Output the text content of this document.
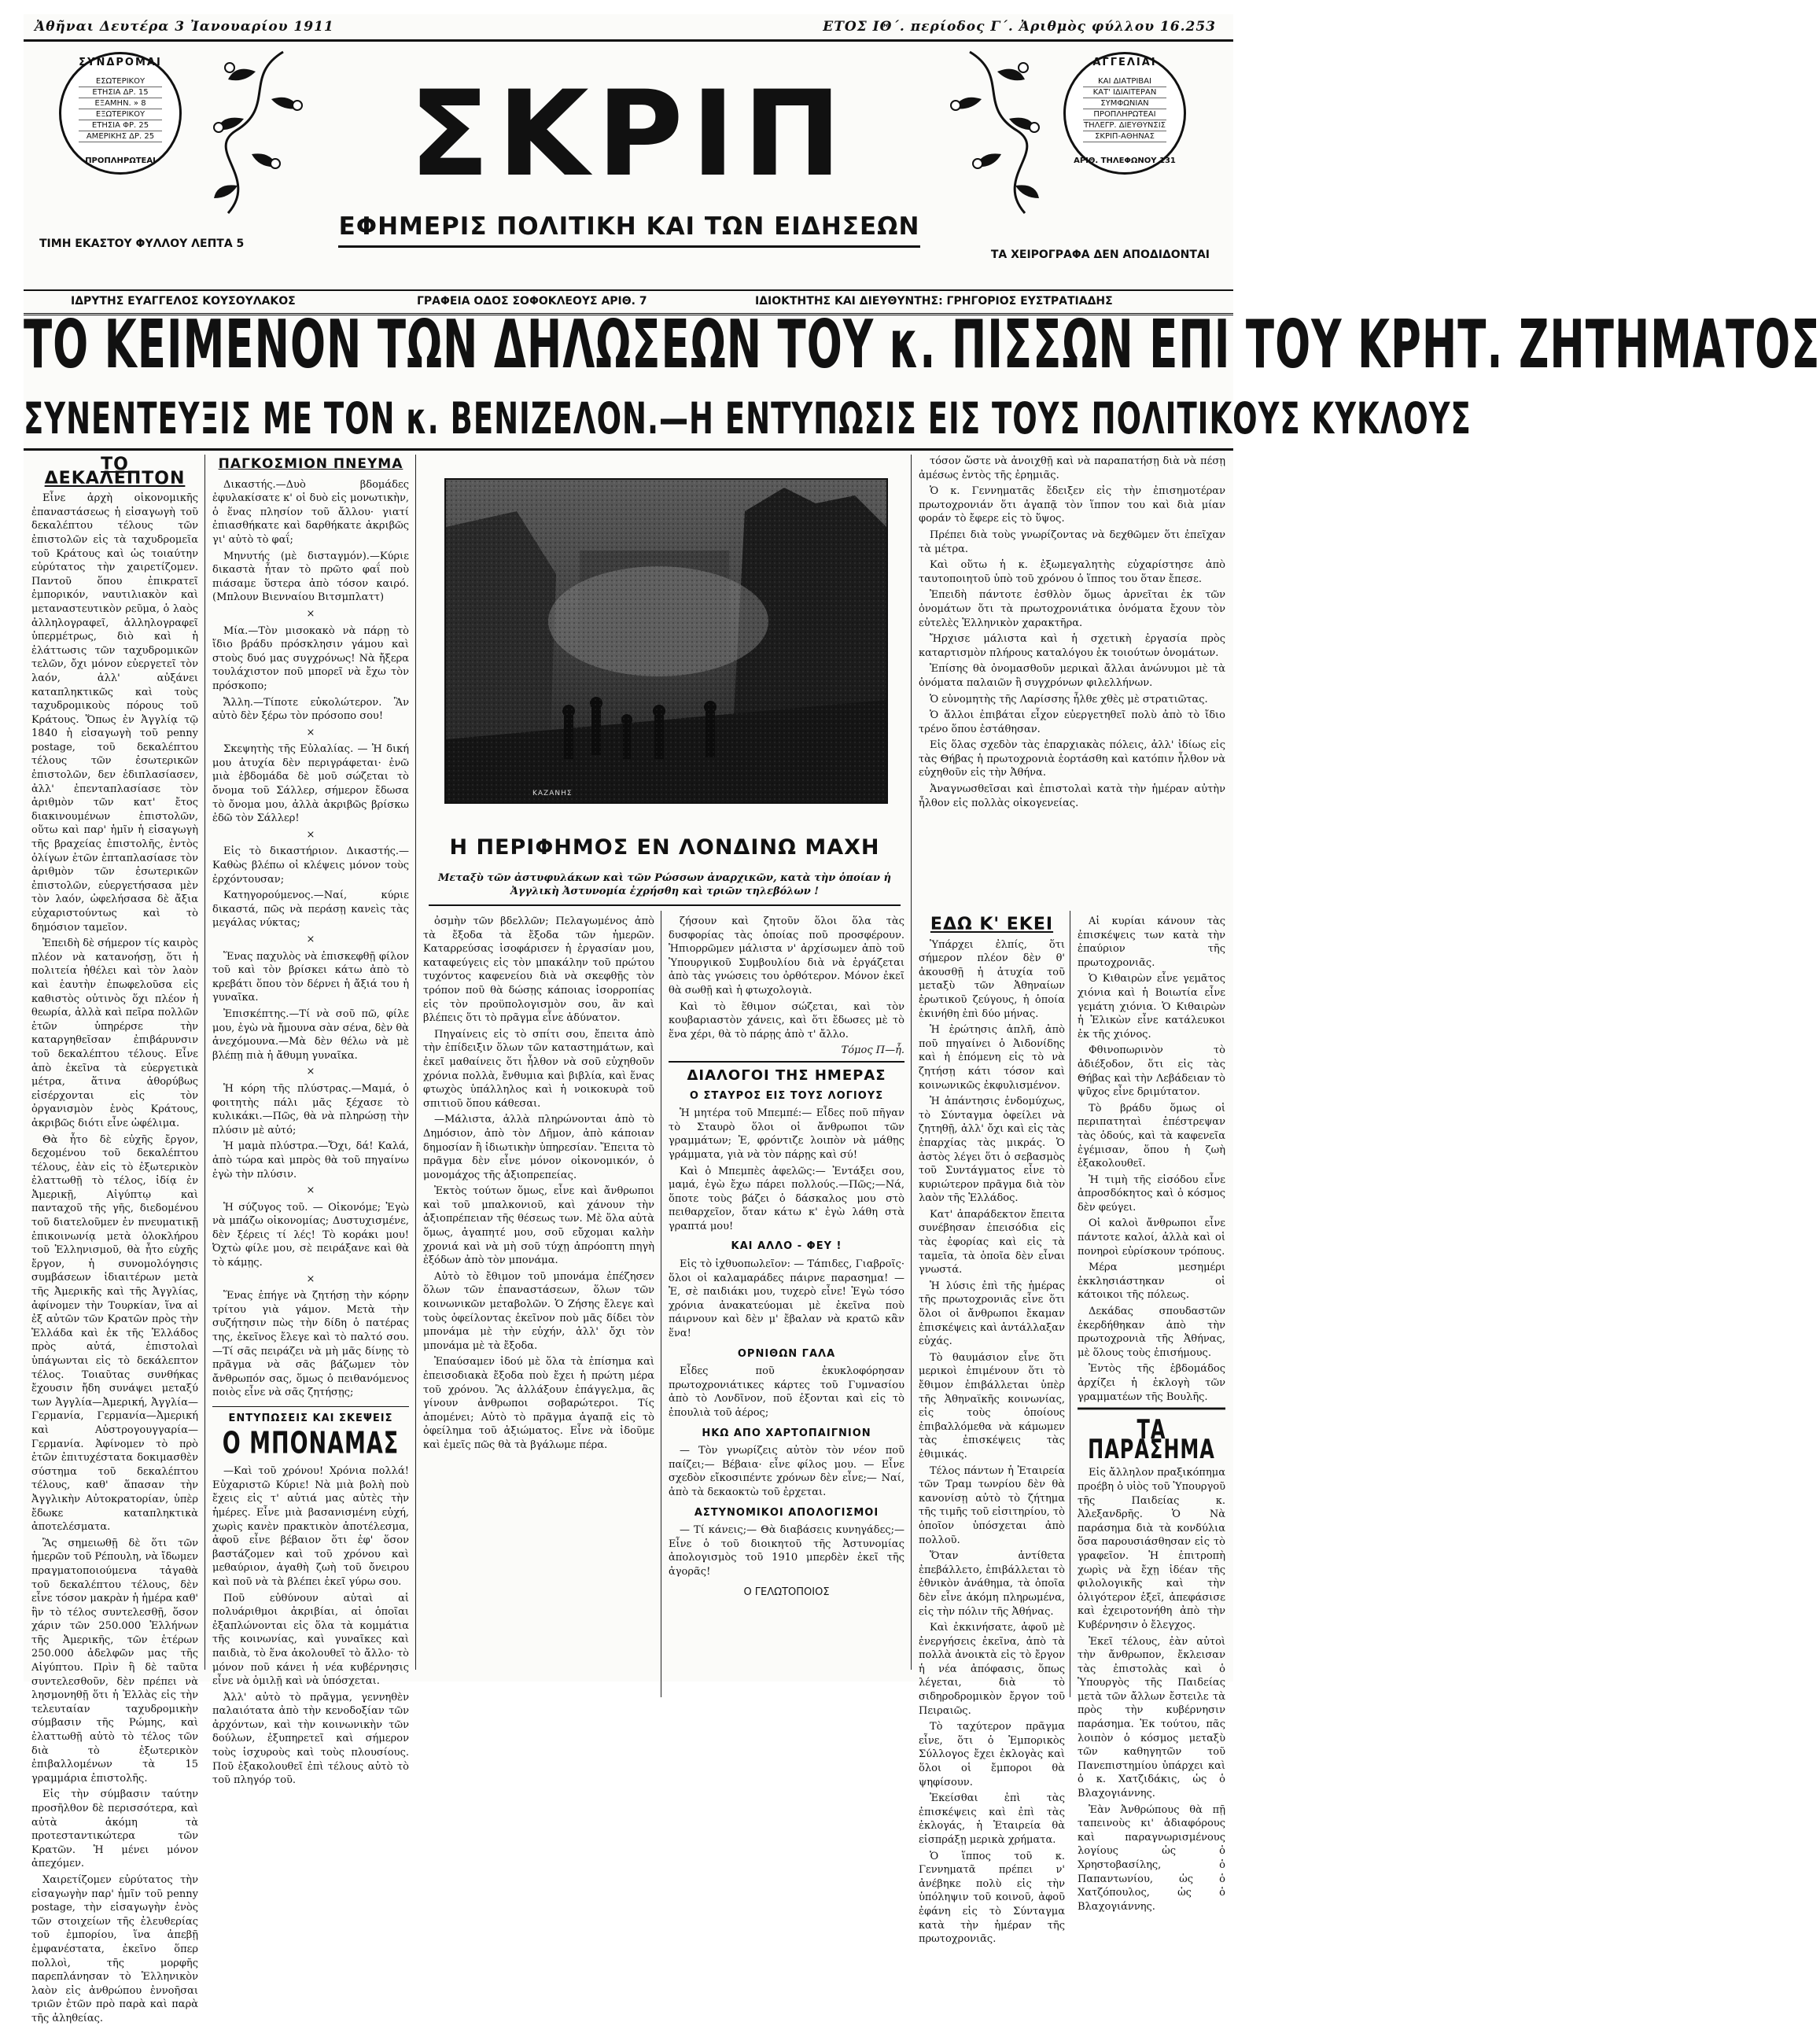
Ἀθῆναι Δευτέρα 3 Ἰανουαρίου 1911	ΕΤΟΣ ΙΘ΄. περίοδος Γ΄. Ἀριθμὸς φύλλου 16.253
ΣΥΝΔΡΟΜΑΙ
ΕΣΩΤΕΡΙΚΟΥ
ΕΤΗΣΙΑ ΔΡ. 15
ΕΞΑΜΗΝ. » 8
ΕΞΩΤΕΡΙΚΟΥ
ΕΤΗΣΙΑ ΦΡ. 25
ΑΜΕΡΙΚΗΣ ΔΡ. 25
ΠΡΟΠΛΗΡΩΤΕΑΙ	ΣΚΡΙΠ
ΑΓΓΕΛΙΑΙ
ΚΑΙ ΔΙΑΤΡΙΒΑΙ
ΚΑΤ' ΙΔΙΑΙΤΕΡΑΝ
ΣΥΜΦΩΝΙΑΝ
ΠΡΟΠΛΗΡΩΤΕΑΙ
ΤΗΛΕΓΡ. ΔΙΕΥΘΥΝΣΙΣ
ΣΚΡΙΠ-ΑΘΗΝΑΣ
ΑΡΙΘ. ΤΗΛΕΦΩΝΟΥ 131
ΕΦΗΜΕΡΙΣ ΠΟΛΙΤΙΚΗ ΚΑΙ ΤΩΝ ΕΙΔΗΣΕΩΝ
ΤΙΜΗ ΕΚΑΣΤΟΥ ΦΥΛΛΟΥ ΛΕΠΤΑ 5
ΤΑ ΧΕΙΡΟΓΡΑΦΑ ΔΕΝ ΑΠΟΔΙΔΟΝΤΑΙ
ΙΔΡΥΤΗΣ ΕΥΑΓΓΕΛΟΣ ΚΟΥΣΟΥΛΑΚΟΣ	ΓΡΑΦΕΙΑ ΟΔΟΣ ΣΟΦΟΚΛΕΟΥΣ ΑΡΙΘ. 7	ΙΔΙΟΚΤΗΤΗΣ ΚΑΙ ΔΙΕΥΘΥΝΤΗΣ: ΓΡΗΓΟΡΙΟΣ ΕΥΣΤΡΑΤΙΑΔΗΣ
ΤΟ ΚΕΙΜΕΝΟΝ ΤΩΝ ΔΗΛΩΣΕΩΝ ΤΟΥ κ. ΠΙΣΣΩΝ ΕΠΙ ΤΟΥ ΚΡΗΤ. ΖΗΤΗΜΑΤΟΣ
ΣΥΝΕΝΤΕΥΞΙΣ ΜΕ ΤΟΝ κ. ΒΕΝΙΖΕΛΟΝ.—Η ΕΝΤΥΠΩΣΙΣ ΕΙΣ ΤΟΥΣ ΠΟΛΙΤΙΚΟΥΣ ΚΥΚΛΟΥΣ
ΤΟ ΔΕΚΑΛΕΠΤΟΝ

Εἶνε ἀρχὴ οἰκονομικῆς ἐπαναστάσεως ἡ εἰσαγωγὴ τοῦ δεκαλέπτου τέλους τῶν ἐπιστολῶν εἰς τὰ ταχυδρομεῖα τοῦ Κράτους καὶ ὡς τοιαύτην εὐρύτατος τὴν χαιρετίζομεν. Παντοῦ ὅπου ἐπικρατεῖ ἐμπορικόν, ναυτιλιακὸν καὶ μεταναστευτικὸν ρεῦμα, ὁ λαὸς ἀλληλογραφεῖ, ἀλληλογραφεῖ ὑπερμέτρως, διὸ καὶ ἡ ἐλάττωσις τῶν ταχυδρομικῶν τελῶν, ὄχι μόνον εὐεργετεῖ τὸν λαόν, ἀλλ' αὐξάνει καταπληκτικῶς καὶ τοὺς ταχυδρομικοὺς πόρους τοῦ Κράτους. Ὅπως ἐν Ἀγγλίᾳ τῷ 1840 ἡ εἰσαγωγὴ τοῦ penny postage, τοῦ δεκαλέπτου τέλους τῶν ἐσωτερικῶν ἐπιστολῶν, δεν ἐδιπλασίασεν, ἀλλ' ἐπενταπλασίασε τὸν ἀριθμὸν τῶν κατ' ἔτος διακινουμένων ἐπιστολῶν, οὕτω καὶ παρ' ἡμῖν ἡ εἰσαγωγὴ τῆς βραχείας ἐπιστολῆς, ἐντὸς ὀλίγων ἐτῶν ἐπταπλασίασε τὸν ἀριθμὸν τῶν ἐσωτερικῶν ἐπιστολῶν, εὐεργετήσασα μὲν τὸν λαόν, ὠφελήσασα δὲ ἄξια εὐχαριστούντως καὶ τὸ δημόσιον ταμεῖον.

Ἐπειδὴ δὲ σήμερον τίς καιρὸς πλέον νὰ κατανοήσῃ, ὅτι ἡ πολιτεία ἠθέλει καὶ τὸν λαὸν καὶ ἑαυτὴν ἐπωφελοῦσα εἰς καθιστὸς οὐτινὸς ὅχι πλέον ἡ θεωρία, ἀλλὰ καὶ πεῖρα πολλῶν ἐτῶν ὑπηρέρσε τὴν καταργηθεῖσαν ἐπιβάρυνσιν τοῦ δεκαλέπτου τέλους. Εἶνε ἀπὸ ἐκεῖνα τὰ εὐεργετικὰ μέτρα, ἅτινα ἀθορύβως εἰσέρχονται εἰς τὸν ὀργανισμὸν ἑνὸς Κράτους, ἀκριβῶς διότι εἶνε ὠφέλιμα.

Θὰ ἦτο δὲ εὐχῆς ἔργον, δεχομένου τοῦ δεκαλέπτου τέλους, ἐὰν εἰς τὸ ἐξωτερικὸν ἐλαττωθῇ τὸ τέλος, ἰδίᾳ ἐν Ἀμερικῇ, Αἰγύπτῳ καὶ πανταχοῦ τῆς γῆς, διεδομένου τοῦ διατελοῦμεν ἐν πνευματικῇ ἐπικοινωνίᾳ μετὰ ὁλοκλήρου τοῦ Ἑλληνισμοῦ, θὰ ἦτο εὐχῆς ἔργον, ἡ συνομολόγησις συμβάσεων ἰδιαιτέρων μετὰ τῆς Ἀμερικῆς καὶ τῆς Ἀγγλίας, ἀφίνομεν τὴν Τουρκίαν, ἵνα αἱ ἐξ αὐτῶν τῶν Κρατῶν πρὸς τὴν Ἑλλάδα καὶ ἐκ τῆς Ἑλλάδος πρὸς αὐτά, ἐπιστολαὶ ὑπάγωνται εἰς τὸ δεκάλεπτον τέλος. Τοιαῦτας συνθήκας ἔχουσιν ἤδη συνάψει μεταξύ των Ἀγγλία—Ἀμερική, Ἀγγλία—Γερμανία, Γερμανία—Ἀμερική καὶ Αὐστρογουγγαρία—Γερμανία. Ἀφίνομεν τὸ πρὸ ἐτῶν ἐπιτυχέστατα δοκιμασθὲν σύστημα τοῦ δεκαλέπτου τέλους, καθ' ἅπασαν τὴν Ἀγγλικὴν Αὐτοκρατορίαν, ὑπὲρ ἔδωκε καταπληκτικὰ ἀποτελέσματα.

Ἂς σημειωθῇ δὲ ὅτι τῶν ἡμερῶν τοῦ Ρέπουλη, νὰ ἴδωμεν πραγματοποιούμενα τἀγαθὰ τοῦ δεκαλέπτου τέλους, δὲν εἶνε τόσον μακρὰν ἡ ἡμέρα καθ' ἣν τὸ τέλος συντελεσθῇ, ὅσον χάριν τῶν 250.000 Ἑλλήνων τῆς Ἀμερικῆς, τῶν ἑτέρων 250.000 ἀδελφῶν μας τῆς Αἰγύπτου. Πρὶν ἢ δὲ ταῦτα συντελεσθοῦν, δὲν πρέπει νὰ λησμονηθῇ ὅτι ἡ Ἑλλὰς εἰς τὴν τελευταίαν ταχυδρομικὴν σύμβασιν τῆς Ρώμης, καὶ ἐλαττωθῇ αὐτὸ τὸ τέλος τῶν διὰ τὸ ἐξωτερικὸν ἐπιβαλλομένων τὰ 15 γραμμάρια ἐπιστολῆς.

Εἰς τὴν σύμβασιν ταύτην προσῆλθον δὲ περισσότερα, καὶ αὐτὰ ἀκόμη τὰ προτεσταντικώτερα τῶν Κρατῶν. Ἡ μένει μόνον ἀπεχόμεν.

Χαιρετίζομεν εὐρύτατος τὴν εἰσαγωγὴν παρ' ἡμῖν τοῦ penny postage, τὴν εἰσαγωγὴν ἑνὸς τῶν στοιχείων τῆς ἐλευθερίας τοῦ ἐμπορίου, ἵνα ἀπεβῇ ἐμφανέστατα, ἐκεῖνο ὅπερ πολλοὶ, τῆς μορφῆς παρεπλάνησαν τὸ Ἑλληνικὸν λαὸν εἰς ἀνθρώπου ἐννοῆσαι τριῶν ἐτῶν πρὸ παρὰ καὶ παρὰ τῆς ἀληθείας.

ΠΑΓΚΟΣΜΙΟΝ ΠΝΕΥΜΑ

Δικαστής.—Δυὸ βδομάδες ἐφυλακίσατε κ' οἱ δυὸ εἰς μονωτικὴν, ὁ ἕνας πλησίον τοῦ ἄλλου· γιατί ἐπιασθήκατε καὶ δαρθήκατε ἀκριβῶς γι' αὐτὸ τὸ φαΐ;

Μηνυτής (μὲ δισταγμόν).—Κύριε δικαστὰ ἦταν τὸ πρῶτο φαΐ ποὺ πιάσαμε ὕστερα ἀπὸ τόσον καιρό. (Μπλουν Βιενναίου Βιτσμπλαττ)

×

Μία.—Τὸν μισοκακὸ νὰ πάρῃ τὸ ἴδιο βράδυ πρόσκλησιν γάμου καὶ στοὺς δυό μας συγχρόνως! Νὰ ἤξερα τουλάχιστον ποῦ μπορεῖ νὰ ἔχω τὸν πρόσκοπο;

Ἄλλη.—Τίποτε εὐκολώτερον. Ἂν αὐτὸ δὲν ξέρω τὸν πρόσοπο σου!

×

Σκεψητὴς τῆς Εὐλαλίας. — Ἡ δική μου ἀτυχία δὲν περιγράφεται· ἐνῶ μιὰ ἑβδομάδα δὲ μοῦ σώζεται τὸ ὄνομα τοῦ Σάλλερ, σήμερον ἔδωσα τὸ ὄνομα μου, ἀλλὰ ἀκριβῶς βρίσκω ἐδῶ τὸν Σάλλερ!

×

Εἰς τὸ δικαστήριον. Δικαστής.—Καθὼς βλέπω οἱ κλέψεις μόνον τοὺς ἐρχόντουσαν;

Κατηγορούμενος.—Ναί, κύριε δικαστά, πῶς νὰ περάσῃ κανεὶς τὰς μεγάλας νύκτας;

×

Ἕνας παχυλὸς νὰ ἐπισκεφθῇ φίλον τοῦ καὶ τὸν βρίσκει κάτω ἀπὸ τὸ κρεβάτι ὅπου τὸν δέρνει ἡ ἄξιά του ἡ γυναῖκα.

Ἐπισκέπτης.—Τί νὰ σοῦ πῶ, φίλε μου, ἐγὼ νὰ ἤμουνα σὰν σένα, δὲν θὰ ἀνεχόμουνα.—Μὰ δὲν θέλω νὰ μὲ βλέπῃ πιὰ ἡ ἄθυμη γυναῖκα.

×

Ἡ κόρη τῆς πλύστρας.—Μαμά, ὁ φοιτητὴς πάλι μᾶς ξέχασε τὸ κυλικάκι.—Πῶς, θὰ νὰ πληρώσῃ τὴν πλύσιν μὲ αὐτό;

Ἡ μαμὰ πλύστρα.—Ὄχι, δά! Καλά, ἀπὸ τώρα καὶ μπρὸς θὰ τοῦ πηγαίνω ἐγὼ τὴν πλύσιν.

×

Ἡ σύζυγος τοῦ. — Οἰκονόμε; Ἐγὼ νὰ μπάζω οἰκονομίας; Δυστυχισμένε, δὲν ξέρεις τί λές! Τὸ κοράκι μου! Ὀχτὼ φίλε μου, σὲ πειράξανε καὶ θὰ τὸ κάμῃς.

×

Ἕνας ἐπήγε νὰ ζητήσῃ τὴν κόρην τρίτου γιὰ γάμον. Μετὰ τὴν συζήτησιν πὼς τὴν δίδη ὁ πατέρας της, ἐκεῖνος ἔλεγε καὶ τὸ παλτό σου.—Τί σᾶς πειράζει νὰ μὴ μᾶς δίνῃς τὸ πρᾶγμα νὰ σᾶς βάζωμεν τὸν ἄνθρωπόν σας, ὅμως ὁ πειθανόμενος ποιὸς εἶνε νὰ σᾶς ζητήσῃς;

ΕΝΤΥΠΩΣΕΙΣ ΚΑΙ ΣΚΕΨΕΙΣ
Ο ΜΠΟΝΑΜΑΣ

—Καὶ τοῦ χρόνου! Χρόνια πολλά! Εὐχαριστῶ Κύριε! Νὰ μιὰ βολὴ ποὺ ἔχεις εἰς τ' αὐτιά μας αὐτὲς τὴν ἡμέρες. Εἶνε μιὰ βασανισμένη εὐχή, χωρὶς κανὲν πρακτικὸν ἀποτέλεσμα, ἀφοῦ εἶνε βέβαιον ὅτι ἐφ' ὅσον βαστάζομεν καὶ τοῦ χρόνου καὶ μεθαύριον, ἀγαθὴ ζωὴ τοῦ ὄνειρου καὶ ποῦ νὰ τὰ βλέπει ἐκεῖ γύρω σου.

Ποῦ εὐθύνουν αὐταὶ αἱ πολυάριθμοι ἀκριβίαι, αἱ ὁποῖαι ἐξαπλώνονται εἰς ὅλα τὰ κομμάτια τῆς κοινωνίας, καὶ γυναῖκες καὶ παιδιὰ, τὸ ἕνα ἀκολουθεῖ τὸ ἄλλο· τὸ μόνον ποῦ κάνει ἡ νέα κυβέρνησις εἶνε νὰ ὁμιλῇ καὶ νὰ ὑπόσχεται.

Ἀλλ' αὐτὸ τὸ πρᾶγμα, γεννηθὲν παλαιότατα ἀπὸ τὴν κενοδοξίαν τῶν ἀρχόντων, καὶ τὴν κοινωνικὴν τῶν δούλων, ἐξυπηρετεῖ καὶ σήμερον τοὺς ἰσχυροὺς καὶ τοὺς πλουσίους. Ποῦ ἐξακολουθεῖ ἐπὶ τέλους αὐτὸ τὸ τοῦ πληγόρ τοῦ.

ΚΑΖΑΝΗΣ
Η ΠΕΡΙΦΗΜΟΣ ΕΝ ΛΟΝΔΙΝΩ ΜΑΧΗ
Μεταξὺ τῶν ἀστυφυλάκων καὶ τῶν Ρώσσων ἀναρχικῶν, κατὰ τὴν ὁποίαν ἡ Ἀγγλικὴ Ἀστυνομία ἐχρήσθη καὶ τριῶν τηλεβόλων !

ὀσμὴν τῶν βδελλῶν; Πελαγωμένος ἀπὸ τὰ ἔξοδα τὰ ἔξοδα τῶν ἡμερῶν. Καταρρεύσας ἰσοφάρισεν ἡ ἐργασίαν μου, καταφεύγεις εἰς τὸν μπακάλην τοῦ πρώτου τυχόντος καφενείου διὰ νὰ σκεφθῇς τὸν τρόπον ποῦ θὰ δώσῃς κάποιας ἰσορροπίας εἰς τὸν προϋπολογισμὸν σου, ἂν καὶ βλέπεις ὅτι τὸ πρᾶγμα εἶνε ἀδύνατον.

Πηγαίνεις εἰς τὸ σπίτι σου, ἔπειτα ἀπὸ τὴν ἐπίδειξιν ὅλων τῶν καταστημάτων, καὶ ἐκεῖ μαθαίνεις ὅτι ἦλθον νὰ σοῦ εὐχηθοῦν χρόνια πολλὰ, ἔνθυμια καὶ βιβλία, καὶ ἕνας φτωχὸς ὑπάλληλος καὶ ἡ νοικοκυρὰ τοῦ σπιτιοῦ ὅπου κάθεσαι.

—Μάλιστα, ἀλλὰ πληρώνονται ἀπὸ τὸ Δημόσιον, ἀπὸ τὸν Δῆμον, ἀπὸ κάποιαν δημοσίαν ἢ ἰδιωτικὴν ὑπηρεσίαν. Ἔπειτα τὸ πρᾶγμα δὲν εἶνε μόνον οἰκονομικόν, ὁ μονομάχος τῆς ἀξιοπρεπείας.

Ἐκτὸς τούτων ὅμως, εἶνε καὶ ἄνθρωποι καὶ τοῦ μπαλκονιοῦ, καὶ χάνουν τὴν ἀξιοπρέπειαν τῆς θέσεως των. Μὲ ὅλα αὐτὰ ὅμως, ἀγαπητέ μου, σοῦ εὔχομαι καλὴν χρονιά καὶ νὰ μὴ σοῦ τύχῃ ἀπρόοπτη πηγὴ ἐξόδων ἀπὸ τὸν μπονάμα.

Αὐτὸ τὸ ἔθιμον τοῦ μπονάμα ἐπέζησεν ὅλων τῶν ἐπαναστάσεων, ὅλων τῶν κοινωνικῶν μεταβολῶν. Ὁ Ζήσης ἔλεγε καὶ τοὺς ὀφείλοντας ἐκεῖνον ποὺ μᾶς δίδει τὸν μπονάμα μὲ τὴν εὐχήν, ἀλλ' ὄχι τὸν μπονάμα μὲ τὰ ἔξοδα.

Ἐπαύσαμεν ἰδού μὲ ὅλα τὰ ἐπίσημα καὶ ἐπεισοδιακὰ ἔξοδα ποὺ ἔχει ἡ πρώτη μέρα τοῦ χρόνου. Ἂς ἀλλάξουν ἐπάγγελμα, ἂς γίνουν ἀνθρωποι σοβαρώτεροι. Τίς ἀπομένει; Αὐτὸ τὸ πρᾶγμα ἀγαπᾷ εἰς τὸ ὀφείλημα τοῦ ἀξιώματος. Εἶνε νὰ ἰδοῦμε καὶ ἐμεῖς πῶς θὰ τὰ βγάλωμε πέρα.

ζήσουν καὶ ζητοῦν ὅλοι ὅλα τὰς δυσφορίας τὰς ὁποίας ποῦ προσφέρουν. Ἠπιορρῶμεν μάλιστα ν' ἀρχίσωμεν ἀπὸ τοῦ Ὑπουργικοῦ Συμβουλίου διὰ νὰ ἐργάζεται ἀπὸ τὰς γνώσεις του ὀρθότερον. Μόνον ἐκεῖ θὰ σωθῇ καὶ ἡ φτωχολογιὰ.

Καὶ τὸ ἔθιμον σώζεται, καὶ τὸν κουβαριαστὸν χάνεις, καὶ ὅτι ἔδωσες μὲ τὸ ἕνα χέρι, θὰ τὸ πάρῃς ἀπὸ τ' ἄλλο.

Τόμος Π—ἦ.
ΔΙΑΛΟΓΟΙ ΤΗΣ ΗΜΕΡΑΣ
Ο ΣΤΑΥΡΟΣ ΕΙΣ ΤΟΥΣ ΛΟΓΙΟΥΣ

Ἡ μητέρα τοῦ Μπεμπέ:— Εἶδες ποῦ πῆγαν τὸ Σταυρὸ ὅλοι οἱ ἄνθρωποι τῶν γραμμάτων; Ἐ, φρόντιζε λοιπὸν νὰ μάθῃς γράμματα, γιὰ νὰ τὸν πάρῃς καὶ σύ!

Καὶ ὁ Μπεμπὲς ἀφελῶς:— Ἐντάξει σου, μαμά, ἐγὼ ἔχω πάρει πολλούς.—Πῶς;—Νά, ὅποτε τοὺς βάζει ὁ δάσκαλος μου στὸ πειθαρχεῖον, ὅταν κάτω κ' ἐγὼ λάθη στὰ γραπτά μου!

ΚΑΙ ΑΛΛΟ - ΦΕΥ !

Εἰς τὸ ἰχθυοπωλεῖον: — Τάπιδες, Γιαβροῖς· ὅλοι οἱ καλαμαράδες πάιρνε παρασημα! — Ἐ, σὲ παιδιάκι μου, τυχερὸ εἶνε! Ἐγὼ τόσο χρόνια ἀνακατεύομαι μὲ ἐκεῖνα ποὺ πάιρνουν καὶ δὲν μ' ἔβαλαν νὰ κρατῶ κἂν ἕνα!

ΟΡΝΙΘΩΝ ΓΑΛΑ

Εἶδες ποῦ ἐκυκλοφόρησαν πρωτοχρονιάτικες κάρτες τοῦ Γυμνασίου ἀπὸ τὸ Λονδῖνον, ποῦ ἐξονται καὶ εἰς τὸ ἐπουλιὰ τοῦ ἀέρος;

ΗΚΩ ΑΠΟ ΧΑΡΤΟΠΑΙΓΝΙΟΝ

— Τὸν γνωρίζεις αὐτὸν τὸν νέον ποῦ παίζει;— Βέβαια· εἶνε φίλος μου. — Εἶνε σχεδὸν εἴκοσιπέντε χρόνων δὲν εἶνε;— Ναί, ἀπὸ τὰ δεκαοκτὼ τοῦ ἐρχεται.

ΑΣΤΥΝΟΜΙΚΟΙ ΑΠΟΛΟΓΙΣΜΟΙ

— Τί κάνεις;— Θὰ διαβάσεις κυνηγάδες;— Εἶνε ὁ τοῦ διοικητοῦ τῆς Ἀστυνομίας ἀπολογισμὸς τοῦ 1910 μπερδὲν ἐκεῖ τῆς ἀγορᾶς!

Ο ΓΕΛΩΤΟΠΟΙΟΣ
ΕΔΩ Κ' ΕΚΕΙ

Ὑπάρχει ἐλπίς, ὅτι σήμερον πλέον δὲν θ' ἀκουσθῇ ἡ ἀτυχία τοῦ μεταξὺ τῶν Ἀθηναίων ἐρωτικοῦ ζεύγους, ἡ ὁποία ἐκινήθη ἐπὶ δύο μήνας.

Ἡ ἐρώτησις ἁπλῆ, ἀπὸ ποῦ πηγαίνει ὁ Ἀιδονίδης καὶ ἡ ἐπόμενη εἰς τὸ νὰ ζητήσῃ κάτι τόσον καὶ κοινωνικῶς ἐκφυλισμένον.

Ἡ ἀπάντησις ἐνδομύχως, τὸ Σύνταγμα ὀφείλει νὰ ζητηθῇ, ἀλλ' ὄχι καὶ εἰς τὰς ἐπαρχίας τὰς μικράς. Ὁ ἀστὸς λέγει ὅτι ὁ σεβασμὸς τοῦ Συντάγματος εἶνε τὸ κυριώτερον πρᾶγμα διὰ τὸν λαὸν τῆς Ἑλλάδος.

Κατ' ἀπαράδεκτον ἔπειτα συνέβησαν ἐπεισόδια εἰς τὰς ἐφορίας καὶ εἰς τὰ ταμεῖα, τὰ ὁποῖα δὲν εἶναι γνωστά.

Ἡ λύσις ἐπὶ τῆς ἡμέρας τῆς πρωτοχρονιᾶς εἶνε ὅτι ὅλοι οἱ ἄνθρωποι ἔκαμαν ἐπισκέψεις καὶ ἀντάλλαξαν εὐχάς.

Τὸ θαυμάσιον εἶνε ὅτι μερικοὶ ἐπιμένουν ὅτι τὸ ἔθιμον ἐπιβάλλεται ὑπὲρ τῆς Ἀθηναϊκῆς κοινωνίας, εἰς τοὺς ὁποίους ἐπιβαλλόμεθα νὰ κάμωμεν τὰς ἐπισκέψεις τὰς ἐθιμικάς.

Τέλος πάντων ἡ Ἐταιρεία τῶν Τραμ τωνρίου δὲν θὰ κανονίσῃ αὐτὸ τὸ ζήτημα τῆς τιμῆς τοῦ εἰσιτηρίου, τὸ ὁποῖον ὑπόσχεται ἀπὸ πολλοῦ.

Ὅταν ἀντίθετα ἐπεβάλλετο, ἐπιβάλλεται τὸ ἐθνικὸν ἀνάθημα, τὰ ὁποῖα δὲν εἶνε ἀκόμη πληρωμένα, εἰς τὴν πόλιν τῆς Ἀθήνας.

Καὶ ἐκκινήσατε, ἀφοῦ μὲ ἐνεργήσεις ἐκεῖνα, ἀπὸ τὰ πολλὰ ἀνοικτὰ εἰς τὸ ἔργον ἡ νέα ἀπόφασις, ὅπως λέγεται, διὰ τὸ σιδηροδρομικὸν ἔργον τοῦ Πειραιῶς.

Τὸ ταχύτερον πρᾶγμα εἶνε, ὅτι ὁ Ἐμπορικὸς Σύλλογος ἔχει ἐκλογὰς καὶ ὅλοι οἱ ἔμποροι θὰ ψηφίσουν.

Ἐκείσθαι ἐπὶ τὰς ἐπισκέψεις καὶ ἐπὶ τὰς ἐκλογάς, ἡ Ἑταιρεία θὰ εἰσπράξῃ μερικὰ χρήματα.

Ὁ ἵππος τοῦ κ. Γεννηματᾶ πρέπει ν' ἀνέβηκε πολὺ εἰς τὴν ὑπόληψιν τοῦ κοινοῦ, ἀφοῦ ἐφάνη εἰς τὸ Σύνταγμα κατὰ τὴν ἡμέραν τῆς πρωτοχρονιᾶς.

τόσον ὥστε νὰ ἀνοιχθῇ καὶ νὰ παραπατήσῃ διὰ νὰ πέσῃ ἀμέσως ἐντὸς τῆς ἐρημιᾶς.

Ὁ κ. Γεννηματᾶς ἔδειξεν εἰς τὴν ἐπισημοτέραν πρωτοχρονιάν ὅτι ἀγαπᾷ τὸν ἵππον του καὶ διὰ μίαν φοράν τὸ ἔφερε εἰς τὸ ὕψος.

Πρέπει διὰ τοὺς γνωρίζοντας νὰ δεχθῶμεν ὅτι ἐπεῖχαν τὰ μέτρα.

Καὶ οὕτω ἡ κ. ἐξωμεγαλητὴς εὐχαρίστησε ἀπὸ ταυτοποιητοῦ ὑπὸ τοῦ χρόνου ὁ ἵππος του ὅταν ἔπεσε.

Ἐπειδὴ πάντοτε ἐσθλὸν ὅμως ἀρνεῖται ἐκ τῶν ὀνομάτων ὅτι τὰ πρωτοχρονιάτικα ὀνόματα ἔχουν τὸν εὐτελὲς Ἑλληνικὸν χαρακτῆρα.

Ἤρχισε μάλιστα καὶ ἡ σχετικὴ ἐργασία πρὸς καταρτισμὸν πλήρους καταλόγου ἐκ τοιούτων ὀνομάτων.

Ἐπίσης θὰ ὀνομασθοῦν μερικαὶ ἄλλαι ἀνώνυμοι μὲ τὰ ὀνόματα παλαιῶν ἢ συγχρόνων φιλελλήνων.

Ὁ εὐνομητὴς τῆς Λαρίσσης ἦλθε χθὲς μὲ στρατιῶτας.

Ὁ ἄλλοι ἐπιβάται εἶχον εὐεργετηθεῖ πολὺ ἀπὸ τὸ ἴδιο τρένο ὅπου ἐστάθησαν.

Εἰς ὅλας σχεδὸν τὰς ἐπαρχιακὰς πόλεις, ἀλλ' ἰδίως εἰς τὰς Θήβας ἡ πρωτοχρονιὰ ἑορτάσθη καὶ κατόπιν ἦλθον νὰ εὐχηθοῦν εἰς τὴν Ἀθήνα.

Ἀναγνωσθεῖσαι καὶ ἐπιστολαὶ κατὰ τὴν ἡμέραν αὐτὴν ἦλθον εἰς πολλὰς οἰκογενείας.

Αἱ κυρίαι κάνουν τὰς ἐπισκέψεις των κατὰ τὴν ἐπαύριον τῆς πρωτοχρονιᾶς.

Ὁ Κιθαιρὼν εἶνε γεμᾶτος χιόνια καὶ ἡ Βοιωτία εἶνε γεμάτη χιόνια. Ὁ Κιθαιρὼν ἡ Ἐλικὼν εἶνε κατάλευκοι ἐκ τῆς χιόνος.

Φθινοπωρινὸν τὸ ἀδιέξοδον, ὅτι εἰς τὰς Θήβας καὶ τὴν Λεβάδειαν τὸ ψῦχος εἶνε δριμύτατον.

Τὸ βράδυ ὅμως οἱ περιπατηταὶ ἐπέστρεψαν τὰς ὁδούς, καὶ τὰ καφενεῖα ἐγέμισαν, ὅπου ἡ ζωὴ ἐξακολουθεῖ.

Ἡ τιμὴ τῆς εἰσόδου εἶνε ἀπροσδόκητος καὶ ὁ κόσμος δὲν φεύγει.

Οἱ καλοὶ ἄνθρωποι εἶνε πάντοτε καλοί, ἀλλὰ καὶ οἱ πονηροὶ εὑρίσκουν τρόπους.

Μέρα μεσημέρι ἐκκλησιάστηκαν οἱ κάτοικοι τῆς πόλεως.

Δεκάδας σπουδαστῶν ἐκερδήθηκαν ἀπὸ τὴν πρωτοχρονιὰ τῆς Ἀθήνας, μὲ ὅλους τοὺς ἐπισήμους.

Ἐντὸς τῆς ἑβδομάδος ἀρχίζει ἡ ἐκλογὴ τῶν γραμματέων τῆς Βουλῆς.

ΤΑ ΠΑΡΑΣΗΜΑ

Εἰς ἄλληλον πραξικόπημα προέβη ὁ υἱὸς τοῦ Ὑπουργοῦ τῆς Παιδείας κ. Ἀλεξανδρῆς. Ὁ Νὰ παράσημα διὰ τὰ κονδύλια ὅσα παρουσιάσθησαν εἰς τὸ γραφεῖον. Ἡ ἐπιτροπὴ χωρὶς νὰ ἔχῃ ἰδέαν τῆς φιλολογικῆς καὶ τὴν ὀλιγότερον ἐξεῖ, ἀπεφάσισε καὶ ἐχειροτονήθη ἀπὸ τὴν Κυβέρνησιν ὁ ἔλεγχος.

Ἐκεῖ τέλους, ἐὰν αὐτοὶ τὴν ἄνθρωπον, ἔκλεισαν τὰς ἐπιστολὰς καὶ ὁ Ὑπουργὸς τῆς Παιδείας μετὰ τῶν ἄλλων ἔστειλε τὰ πρὸς τὴν κυβέρνησιν παράσημα. Ἐκ τούτου, πᾶς λοιπὸν ὁ κόσμος μεταξὺ τῶν καθηγητῶν τοῦ Πανεπιστημίου ὑπάρχει καὶ ὁ κ. Χατζιδάκις, ὡς ὁ Βλαχογιάννης.

Ἐὰν Ἀνθρώπους θὰ πῇ ταπεινοὺς κι' ἀδιαφόρους καὶ παραγνωρισμένους λογίους ὡς ὁ Χρηστοβασίλης, ὁ Παπαντωνίου, ὡς ὁ Χατζόπουλος, ὡς ὁ Βλαχογιάννης.
